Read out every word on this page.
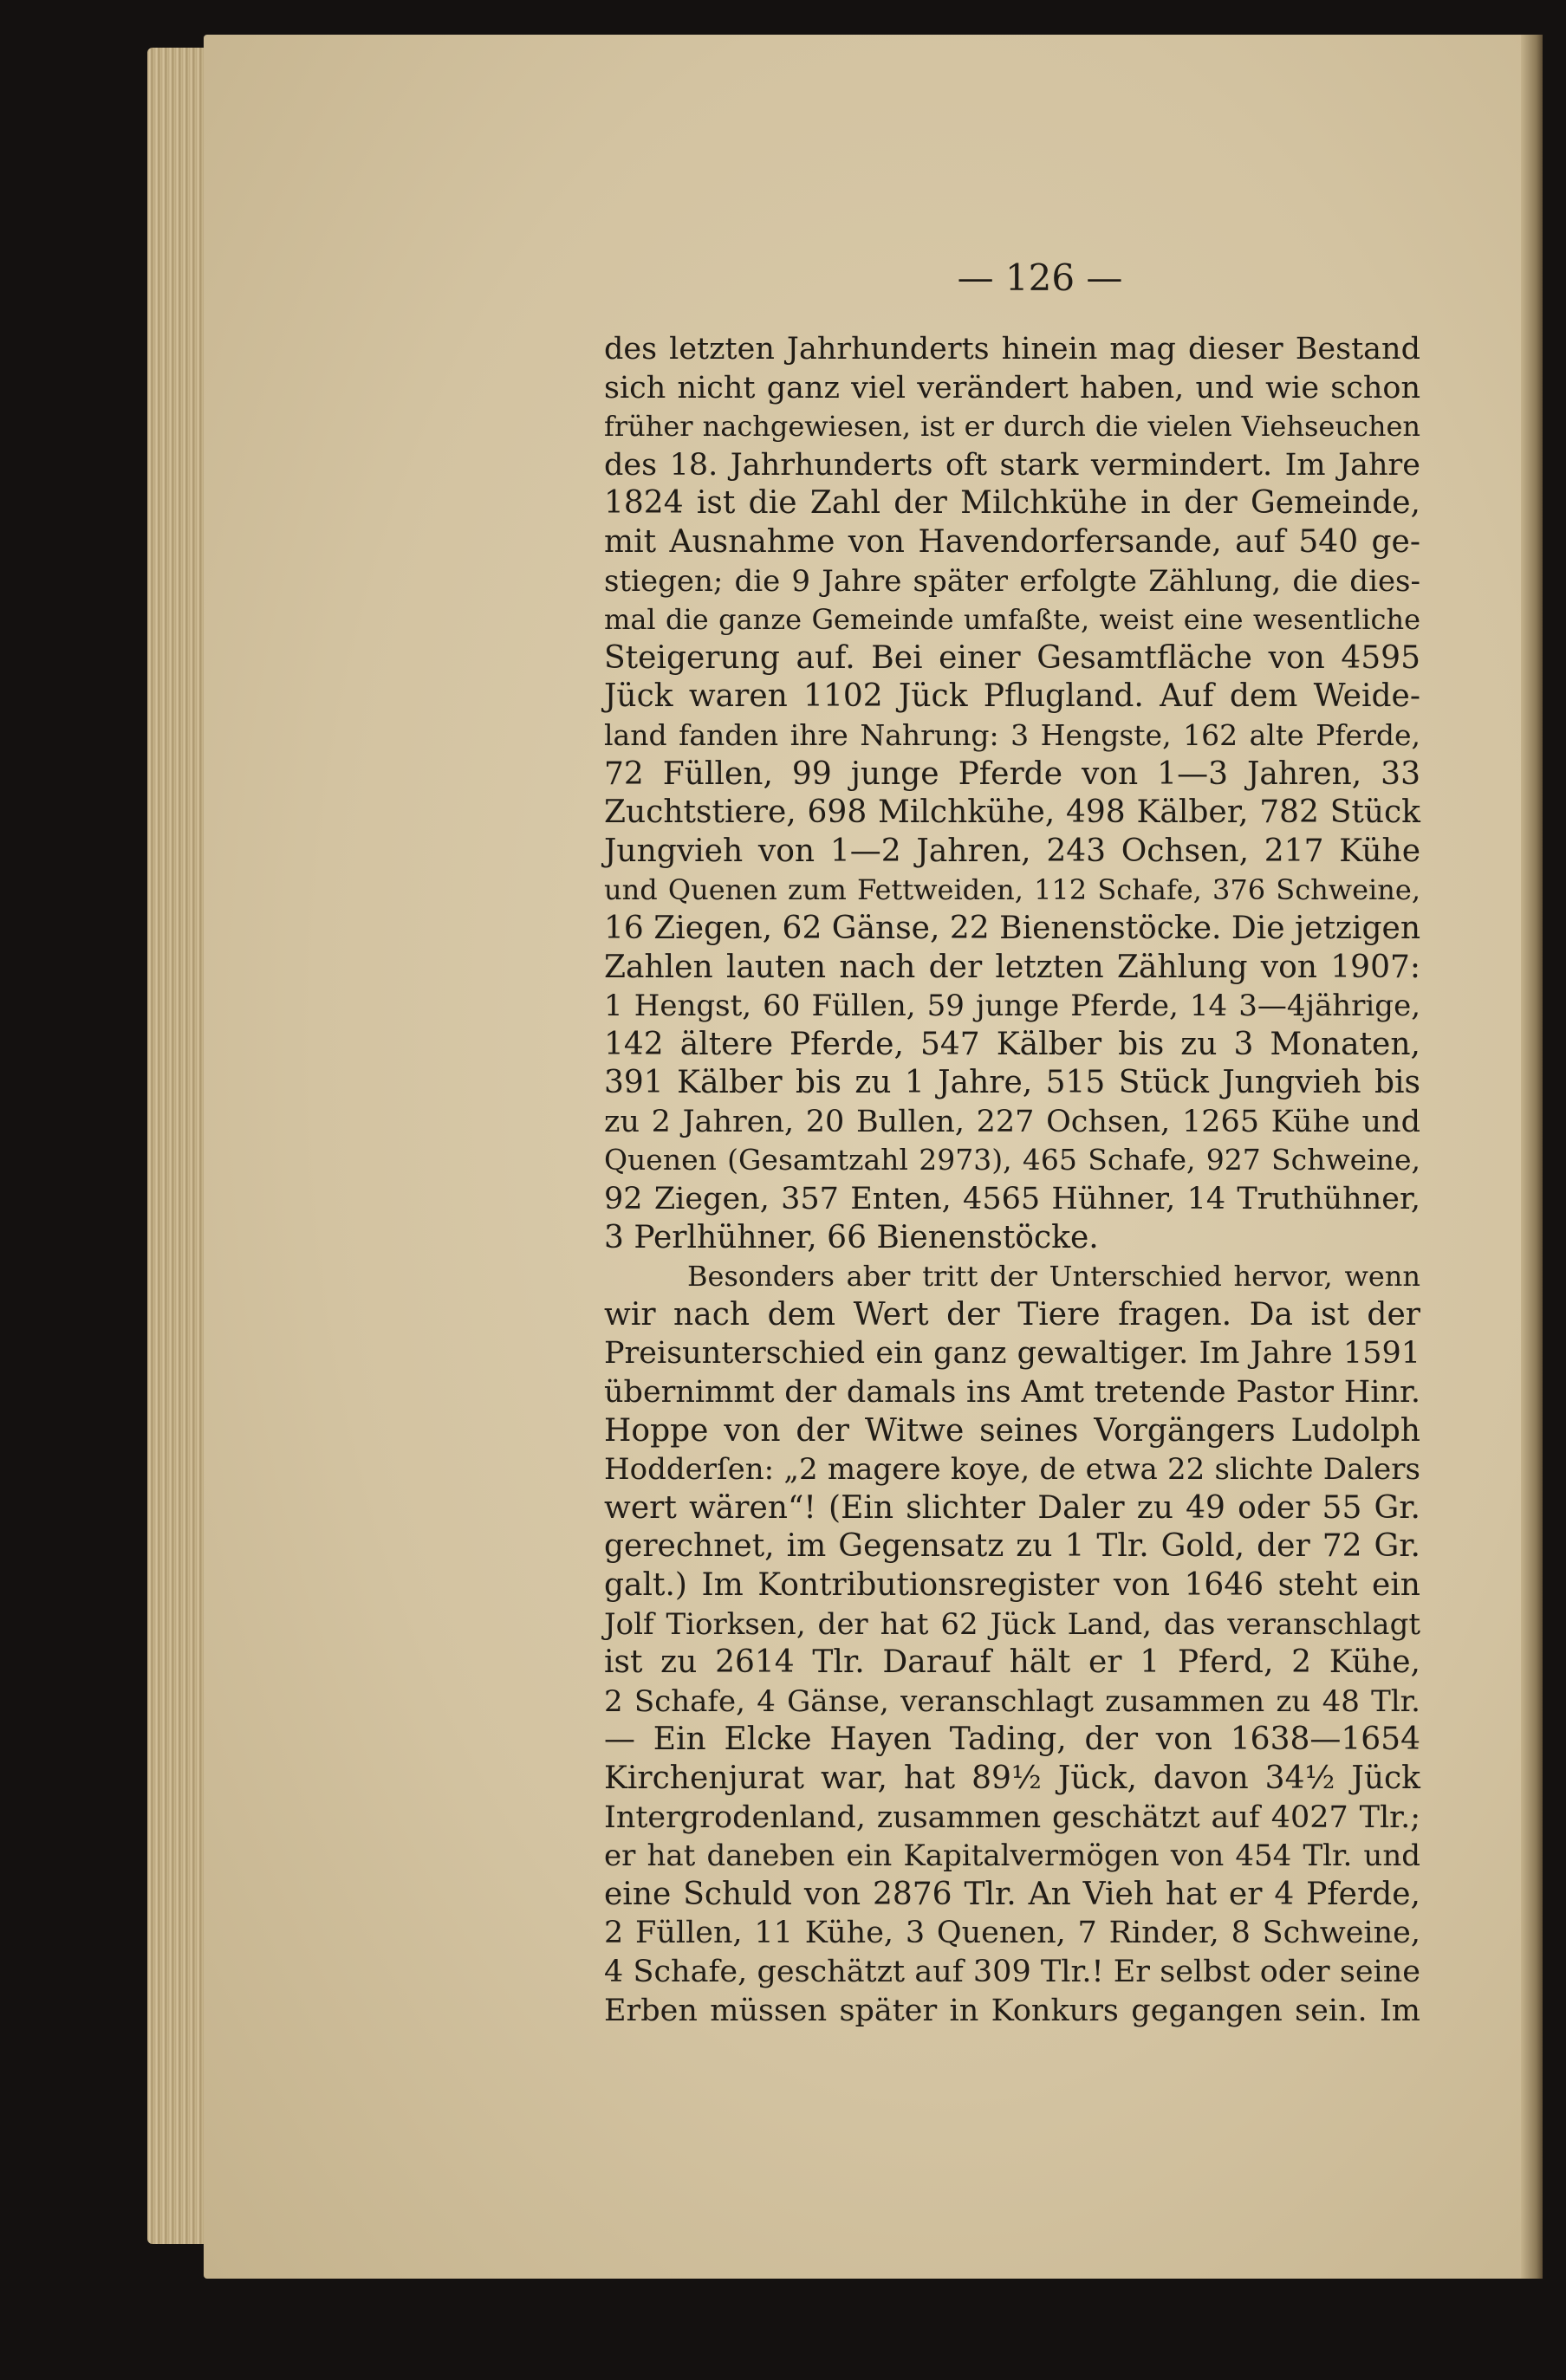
— 126 —
des letzten Jahrhunderts hinein mag dieser Bestand
sich nicht ganz viel verändert haben, und wie schon
früher nachgewiesen, ist er durch die vielen Viehseuchen
des 18. Jahrhunderts oft stark vermindert. Im Jahre
1824 ist die Zahl der Milchkühe in der Gemeinde,
mit Ausnahme von Havendorfersande, auf 540 ge-
stiegen; die 9 Jahre später erfolgte Zählung, die dies-
mal die ganze Gemeinde umfaßte, weist eine wesentliche
Steigerung auf. Bei einer Gesamtfläche von 4595
Jück waren 1102 Jück Pflugland. Auf dem Weide-
land fanden ihre Nahrung: 3 Hengste, 162 alte Pferde,
72 Füllen, 99 junge Pferde von 1—3 Jahren, 33
Zuchtstiere, 698 Milchkühe, 498 Kälber, 782 Stück
Jungvieh von 1—2 Jahren, 243 Ochsen, 217 Kühe
und Quenen zum Fettweiden, 112 Schafe, 376 Schweine,
16 Ziegen, 62 Gänse, 22 Bienenstöcke. Die jetzigen
Zahlen lauten nach der letzten Zählung von 1907:
1 Hengst, 60 Füllen, 59 junge Pferde, 14 3—4jährige,
142 ältere Pferde, 547 Kälber bis zu 3 Monaten,
391 Kälber bis zu 1 Jahre, 515 Stück Jungvieh bis
zu 2 Jahren, 20 Bullen, 227 Ochsen, 1265 Kühe und
Quenen (Gesamtzahl 2973), 465 Schafe, 927 Schweine,
92 Ziegen, 357 Enten, 4565 Hühner, 14 Truthühner,
3 Perlhühner, 66 Bienenstöcke.
Besonders aber tritt der Unterschied hervor, wenn
wir nach dem Wert der Tiere fragen. Da ist der
Preisunterschied ein ganz gewaltiger. Im Jahre 1591
übernimmt der damals ins Amt tretende Pastor Hinr.
Hoppe von der Witwe seines Vorgängers Ludolph
Hodderſen: „2 magere koye, de etwa 22 slichte Dalers
wert wären“! (Ein slichter Daler zu 49 oder 55 Gr.
gerechnet, im Gegensatz zu 1 Tlr. Gold, der 72 Gr.
galt.) Im Kontributionsregister von 1646 steht ein
Jolf Tiorksen, der hat 62 Jück Land, das veranschlagt
ist zu 2614 Tlr. Darauf hält er 1 Pferd, 2 Kühe,
2 Schafe, 4 Gänse, veranschlagt zusammen zu 48 Tlr.
— Ein Elcke Hayen Tading, der von 1638—1654
Kirchenjurat war, hat 89½ Jück, davon 34½ Jück
Intergrodenland, zusammen geschätzt auf 4027 Tlr.;
er hat daneben ein Kapitalvermögen von 454 Tlr. und
eine Schuld von 2876 Tlr. An Vieh hat er 4 Pferde,
2 Füllen, 11 Kühe, 3 Quenen, 7 Rinder, 8 Schweine,
4 Schafe, geschätzt auf 309 Tlr.! Er selbst oder seine
Erben müssen später in Konkurs gegangen sein. Im
